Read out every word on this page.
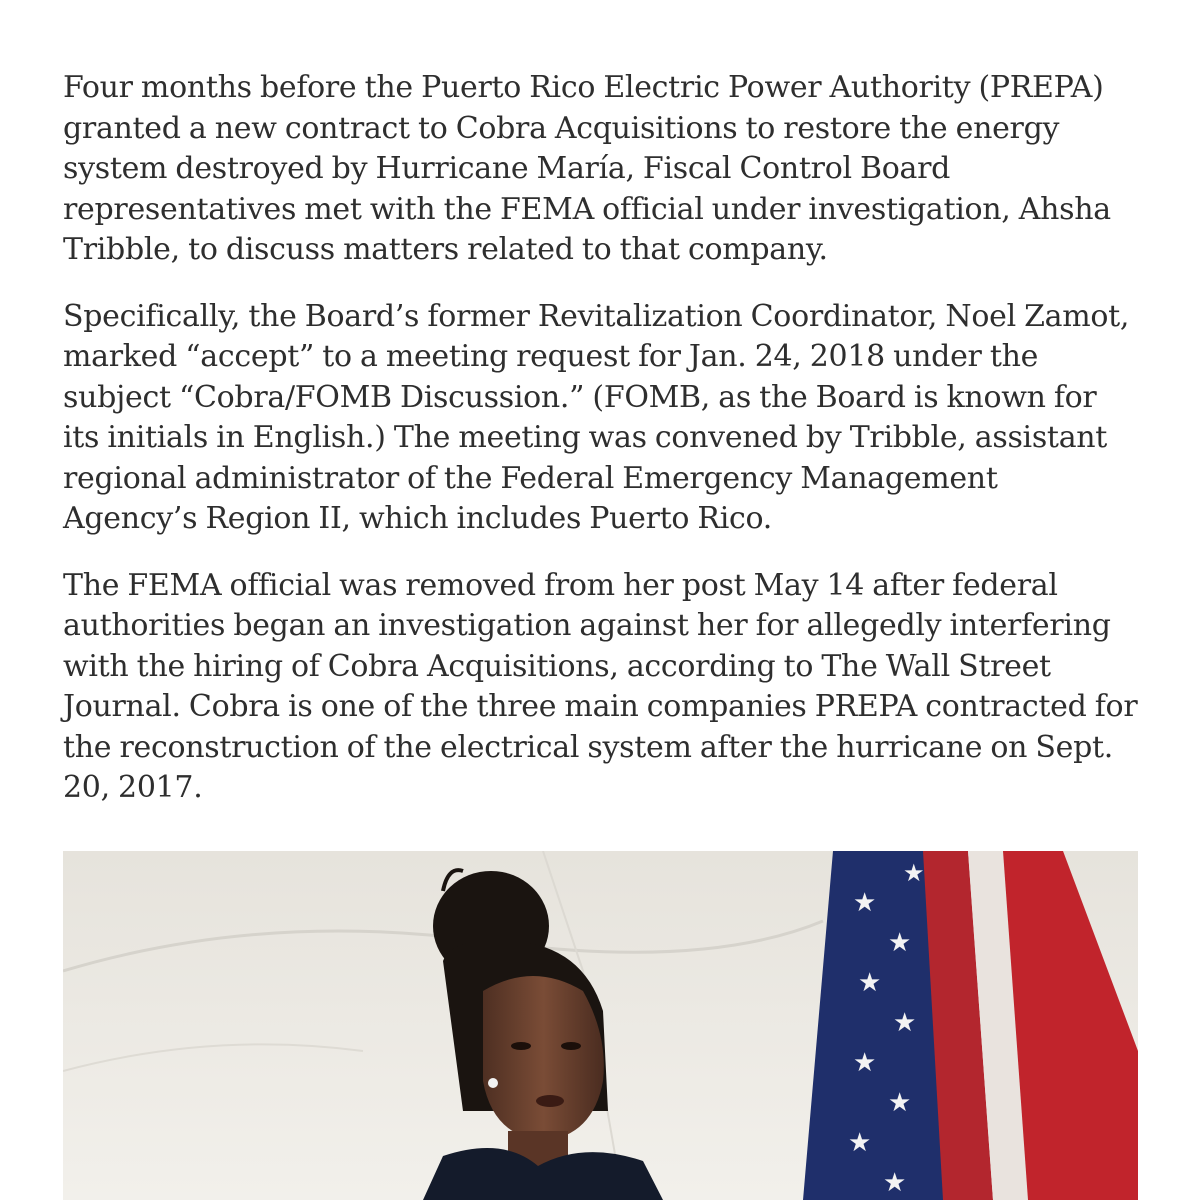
Four months before the Puerto Rico Electric Power Authority (PREPA) granted a new contract to Cobra Acquisitions to restore the energy system destroyed by Hurricane María, Fiscal Control Board representatives met with the FEMA official under investigation, Ahsha Tribble, to discuss matters related to that company.

Specifically, the Board’s former Revitalization Coordinator, Noel Zamot, marked “accept” to a meeting request for Jan. 24, 2018 under the subject “Cobra/FOMB Discussion.” (FOMB, as the Board is known for its initials in English.) The meeting was convened by Tribble, assistant regional administrator of the Federal Emergency Management Agency’s Region II, which includes Puerto Rico.

The FEMA official was removed from her post May 14 after federal authorities began an investigation against her for allegedly interfering with the hiring of Cobra Acquisitions, according to The Wall Street Journal. Cobra is one of the three main companies PREPA contracted for the reconstruction of the electrical system after the hurricane on Sept. 20, 2017.

★
★
★
★
★
★
★
★
★
